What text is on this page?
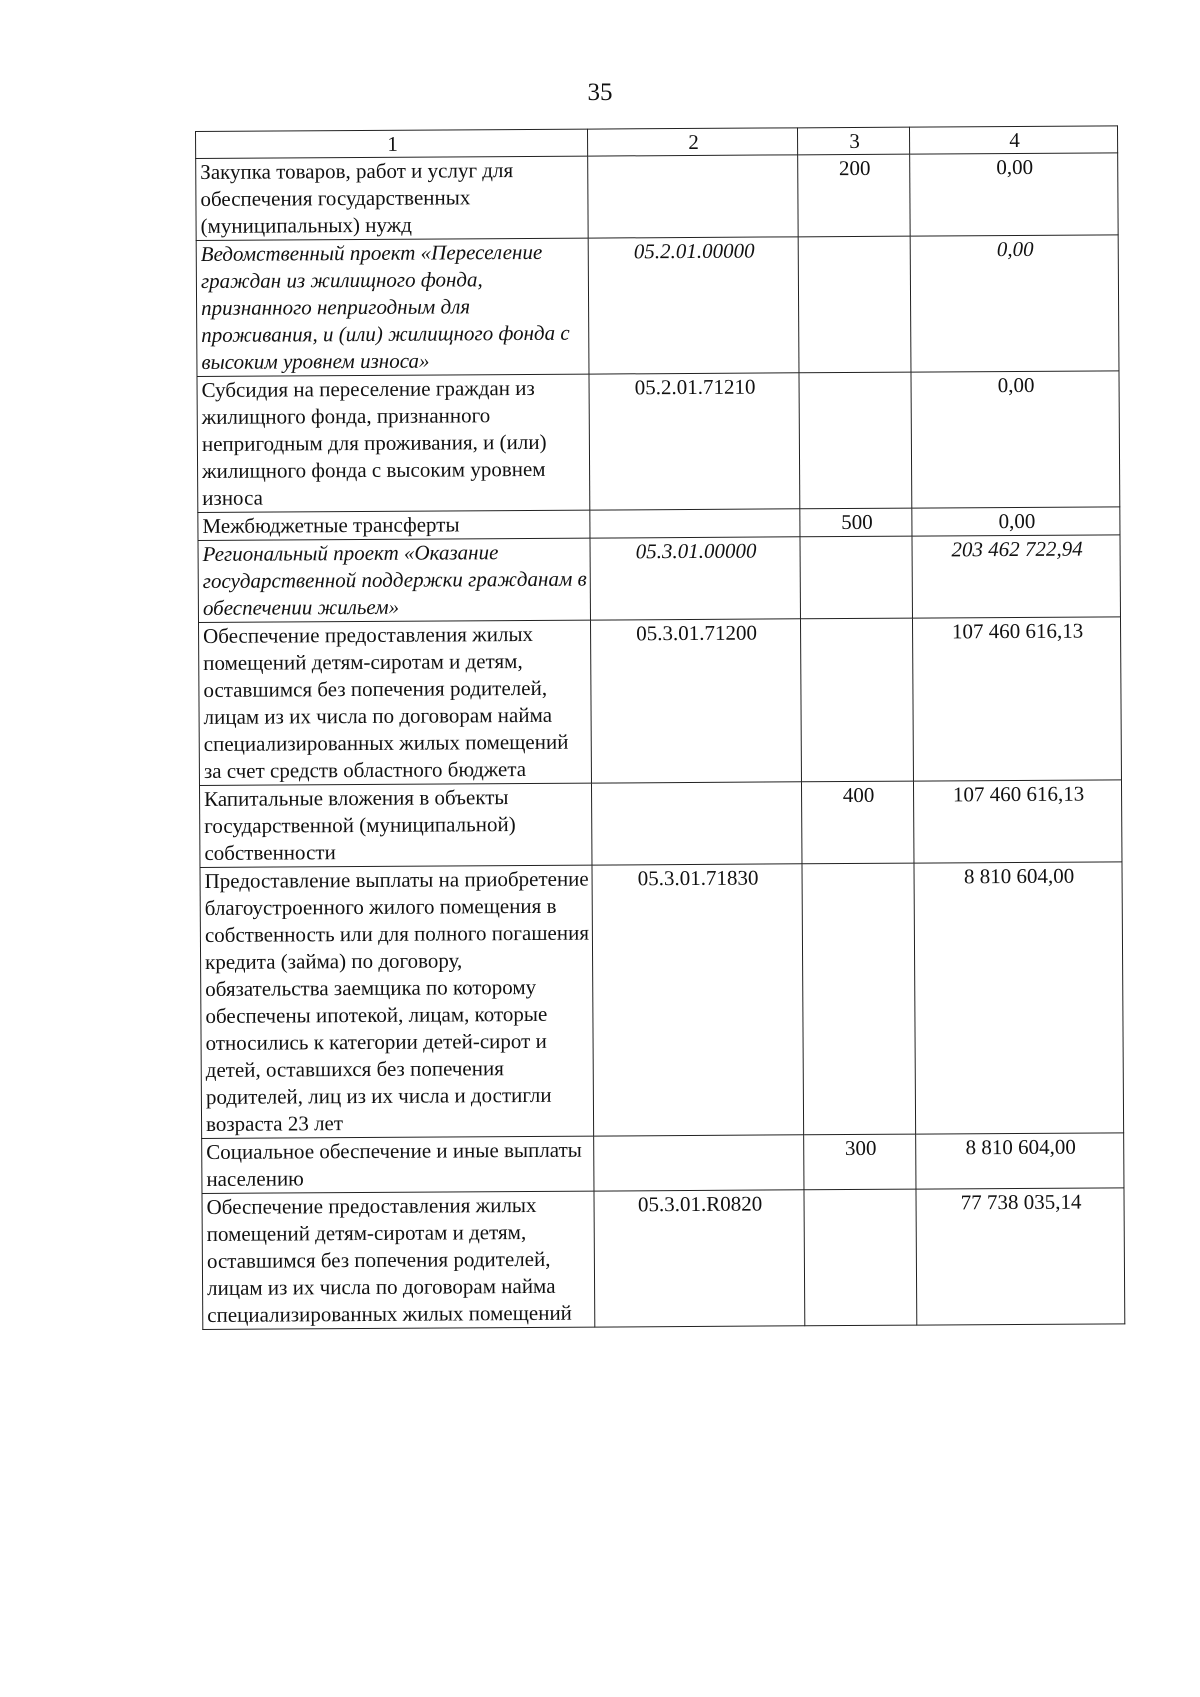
35
1	2	3	4
Закупка товаров, работ и услуг для обеспечения государственных (муниципальных) нужд		200	0,00
Ведомственный проект «Переселение граждан из жилищного фонда, признанного непригодным для проживания, и (или) жилищного фонда с высоким уровнем износа»	05.2.01.00000		0,00
Субсидия на переселение граждан из жилищного фонда, признанного непригодным для проживания, и (или) жилищного фонда с высоким уровнем износа	05.2.01.71210		0,00
Межбюджетные трансферты		500	0,00
Региональный проект «Оказание государственной поддержки гражданам в обеспечении жильем»	05.3.01.00000		203 462 722,94
Обеспечение предоставления жилых помещений детям-сиротам и детям, оставшимся без попечения родителей, лицам из их числа по договорам найма специализированных жилых помещений за счет средств областного бюджета	05.3.01.71200		107 460 616,13
Капитальные вложения в объекты государственной (муниципальной) собственности		400	107 460 616,13
Предоставление выплаты на приобретение благоустроенного жилого помещения в собственность или для полного погашения кредита (займа) по договору, обязательства заемщика по которому обеспечены ипотекой, лицам, которые относились к категории детей-сирот и детей, оставшихся без попечения родителей, лиц из их числа и достигли возраста 23 лет	05.3.01.71830		8 810 604,00
Социальное обеспечение и иные выплаты населению		300	8 810 604,00
Обеспечение предоставления жилых помещений детям-сиротам и детям, оставшимся без попечения родителей, лицам из их числа по договорам найма специализированных жилых помещений	05.3.01.R0820		77 738 035,14
